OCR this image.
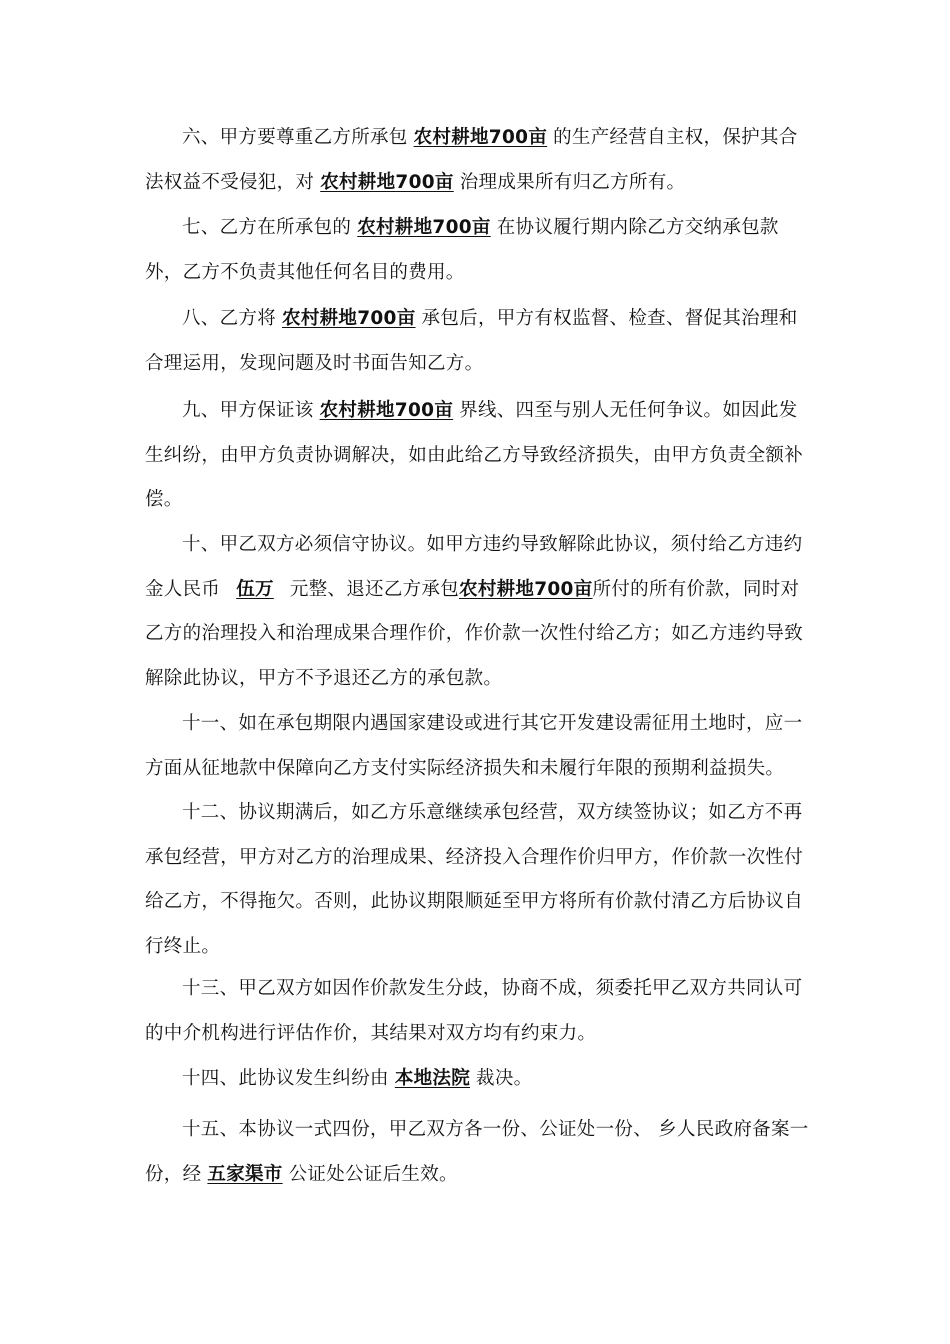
六、甲方要尊重乙方所承包 农村耕地700亩 的生产经营自主权，保护其合法权益不受侵犯，对 农村耕地700亩 治理成果所有归乙方所有。

七、乙方在所承包的 农村耕地700亩 在协议履行期内除乙方交纳承包款外，乙方不负责其他任何名目的费用。

八、乙方将 农村耕地700亩 承包后，甲方有权监督、检查、督促其治理和合理运用，发现问题及时书面告知乙方。

九、甲方保证该 农村耕地700亩 界线、四至与别人无任何争议。如因此发生纠纷，由甲方负责协调解决，如由此给乙方导致经济损失，由甲方负责全额补偿。

十、甲乙双方必须信守协议。如甲方违约导致解除此协议，须付给乙方违约金人民币 伍万 元整、退还乙方承包农村耕地700亩所付的所有价款，同时对乙方的治理投入和治理成果合理作价，作价款一次性付给乙方；如乙方违约导致解除此协议，甲方不予退还乙方的承包款。

十一、如在承包期限内遇国家建设或进行其它开发建设需征用土地时，应一方面从征地款中保障向乙方支付实际经济损失和未履行年限的预期利益损失。

十二、协议期满后，如乙方乐意继续承包经营，双方续签协议；如乙方不再承包经营，甲方对乙方的治理成果、经济投入合理作价归甲方，作价款一次性付给乙方，不得拖欠。否则，此协议期限顺延至甲方将所有价款付清乙方后协议自行终止。

十三、甲乙双方如因作价款发生分歧，协商不成，须委托甲乙双方共同认可的中介机构进行评估作价，其结果对双方均有约束力。

十四、此协议发生纠纷由 本地法院 裁决。

十五、本协议一式四份，甲乙双方各一份、公证处一份、 乡人民政府备案一份，经 五家渠市 公证处公证后生效。
